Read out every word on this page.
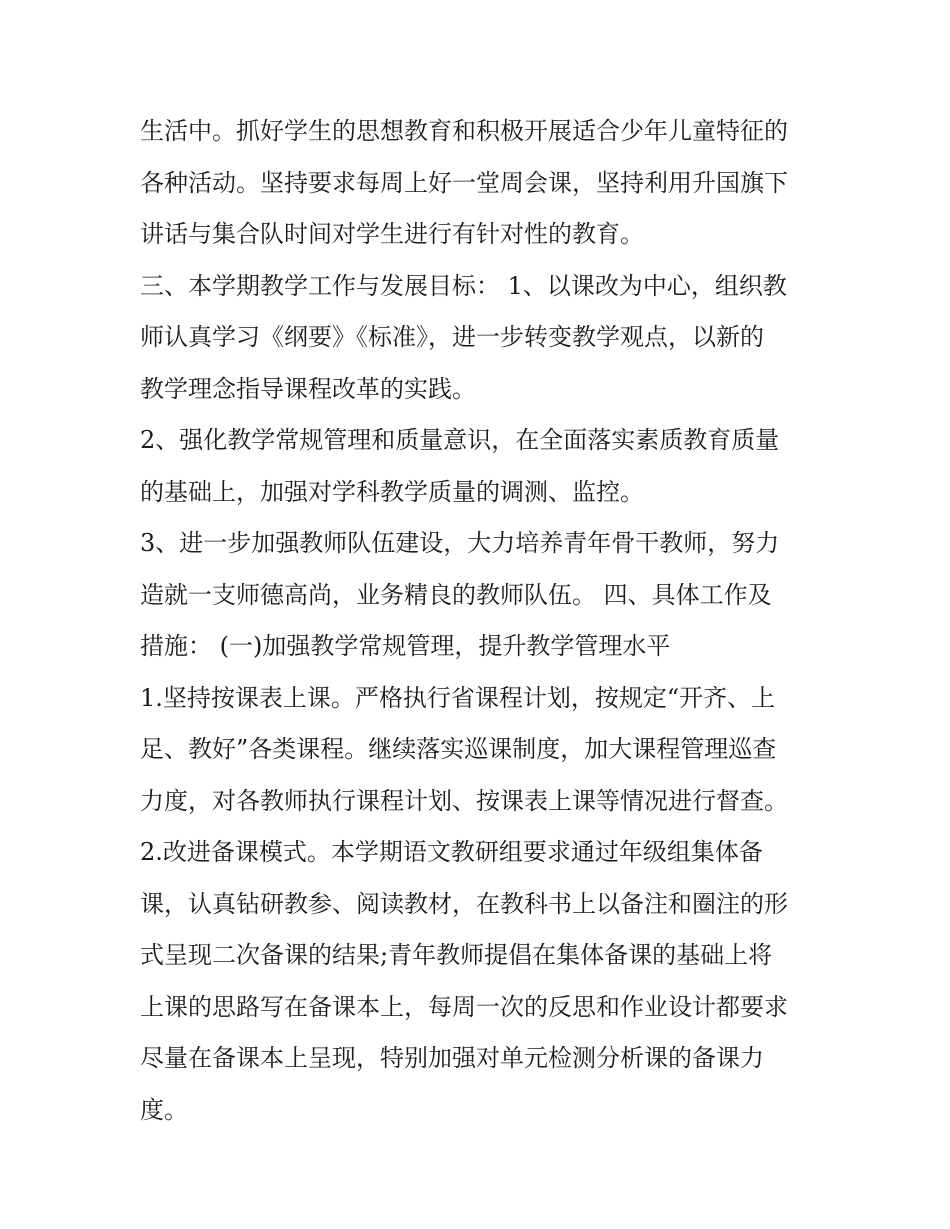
生活中。抓好学生的思想教育和积极开展适合少年儿童特征的
各种活动。坚持要求每周上好一堂周会课，坚持利用升国旗下
讲话与集合队时间对学生进行有针对性的教育。
三、本学期教学工作与发展目标： 1、以课改为中心，组织教
师认真学习《纲要》《标准》，进一步转变教学观点，以新的
教学理念指导课程改革的实践。
2、强化教学常规管理和质量意识，在全面落实素质教育质量
的基础上，加强对学科教学质量的调测、监控。
3、进一步加强教师队伍建设，大力培养青年骨干教师，努力
造就一支师德高尚，业务精良的教师队伍。 四、具体工作及
措施： (一)加强教学常规管理，提升教学管理水平
1.坚持按课表上课。严格执行省课程计划，按规定“开齐、上
足、教好”各类课程。继续落实巡课制度，加大课程管理巡查
力度，对各教师执行课程计划、按课表上课等情况进行督查。
2.改进备课模式。本学期语文教研组要求通过年级组集体备
课，认真钻研教参、阅读教材，在教科书上以备注和圈注的形
式呈现二次备课的结果;青年教师提倡在集体备课的基础上将
上课的思路写在备课本上，每周一次的反思和作业设计都要求
尽量在备课本上呈现，特别加强对单元检测分析课的备课力
度。
